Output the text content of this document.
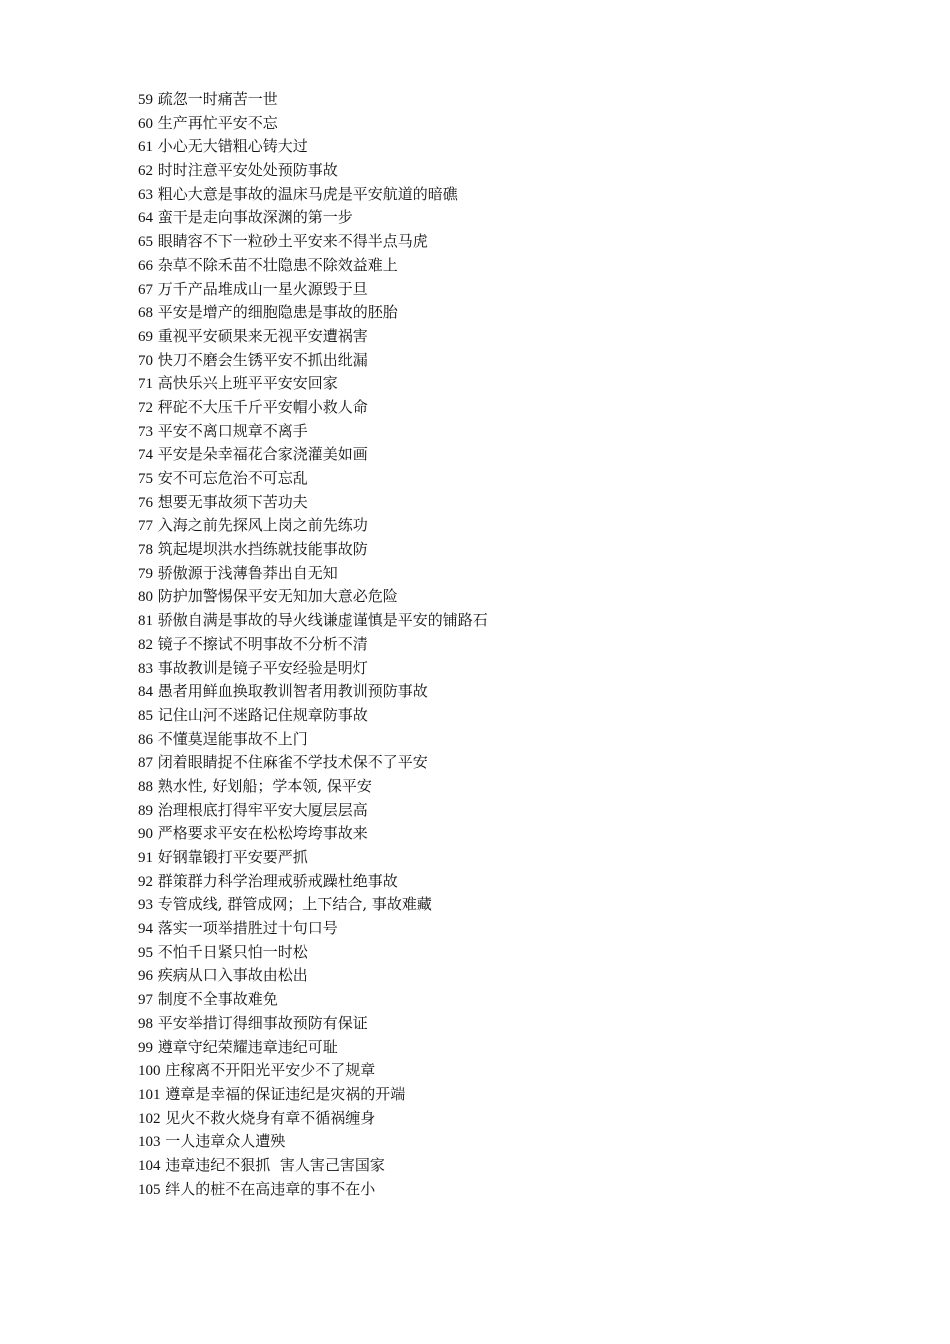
59 疏忽一时痛苦一世
60 生产再忙平安不忘
61 小心无大错粗心铸大过
62 时时注意平安处处预防事故
63 粗心大意是事故的温床马虎是平安航道的暗礁
64 蛮干是走向事故深渊的第一步
65 眼睛容不下一粒砂土平安来不得半点马虎
66 杂草不除禾苗不壮隐患不除效益难上
67 万千产品堆成山一星火源毁于旦
68 平安是增产的细胞隐患是事故的胚胎
69 重视平安硕果来无视平安遭祸害
70 快刀不磨会生锈平安不抓出纰漏
71 高快乐兴上班平平安安回家
72 秤砣不大压千斤平安帽小救人命
73 平安不离口规章不离手
74 平安是朵幸福花合家浇灌美如画
75 安不可忘危治不可忘乱
76 想要无事故须下苦功夫
77 入海之前先探风上岗之前先练功
78 筑起堤坝洪水挡练就技能事故防
79 骄傲源于浅薄鲁莽出自无知
80 防护加警惕保平安无知加大意必危险
81 骄傲自满是事故的导火线谦虚谨慎是平安的铺路石
82 镜子不擦试不明事故不分析不清
83 事故教训是镜子平安经验是明灯
84 愚者用鲜血换取教训智者用教训预防事故
85 记住山河不迷路记住规章防事故
86 不懂莫逞能事故不上门
87 闭着眼睛捉不住麻雀不学技术保不了平安
88 熟水性, 好划船；学本领, 保平安
89 治理根底打得牢平安大厦层层高
90 严格要求平安在松松垮垮事故来
91 好钢靠锻打平安要严抓
92 群策群力科学治理戒骄戒躁杜绝事故
93 专管成线, 群管成网；上下结合, 事故难藏
94 落实一项举措胜过十句口号
95 不怕千日紧只怕一时松
96 疾病从口入事故由松出
97 制度不全事故难免
98 平安举措订得细事故预防有保证
99 遵章守纪荣耀违章违纪可耻
100 庄稼离不开阳光平安少不了规章
101 遵章是幸福的保证违纪是灾祸的开端
102 见火不救火烧身有章不循祸缠身
103 一人违章众人遭殃
104 违章违纪不狠抓  害人害己害国家
105 绊人的桩不在高违章的事不在小
